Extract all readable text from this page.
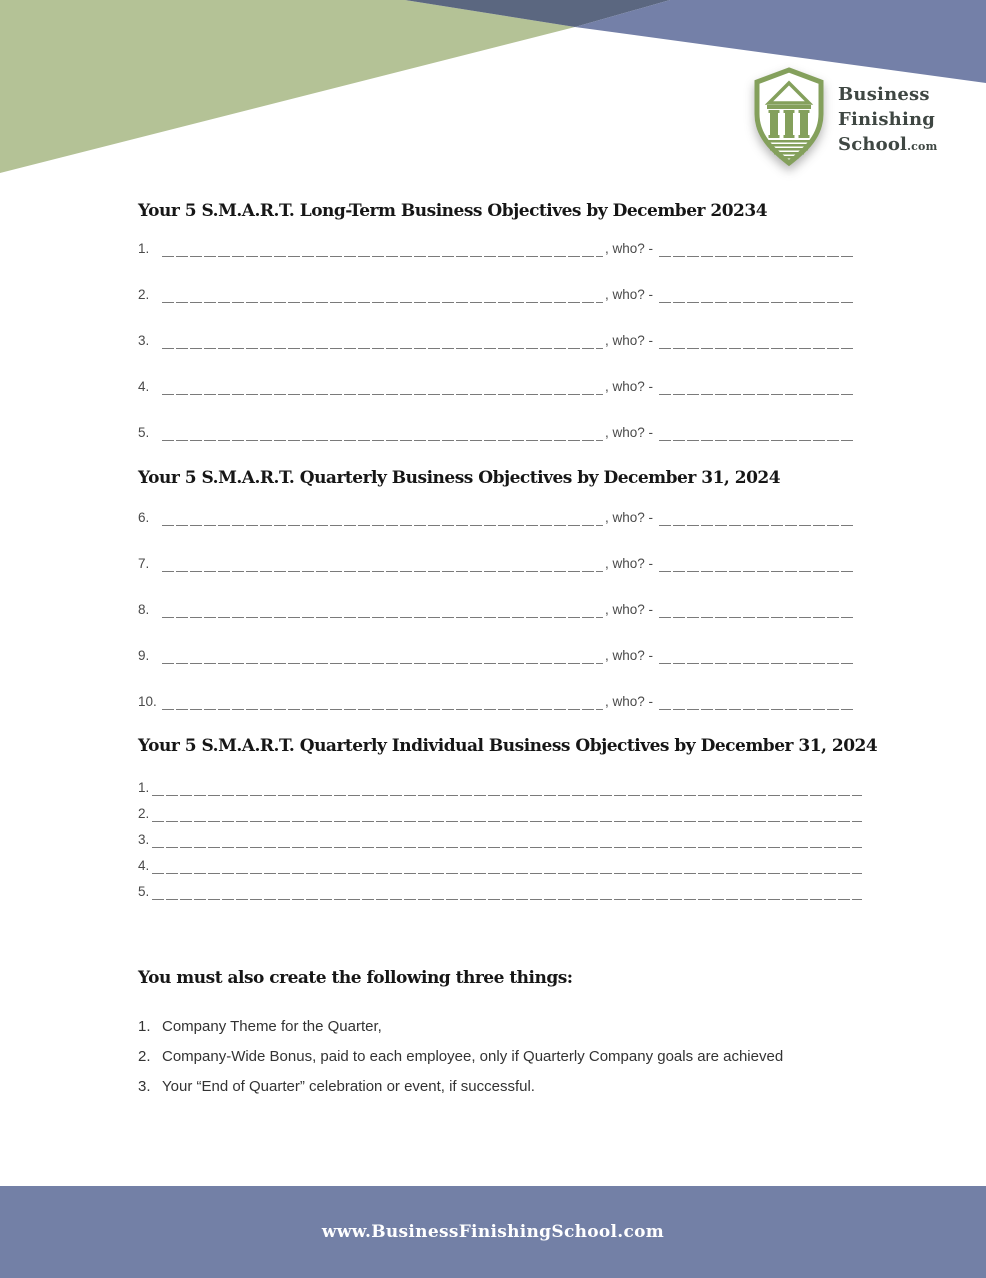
Business
Finishing
School.com
Your 5 S.M.A.R.T. Long-Term Business Objectives by December 20234
1.	, who? -
2.	, who? -
3.	, who? -
4.	, who? -
5.	, who? -
Your 5 S.M.A.R.T. Quarterly Business Objectives by December 31, 2024
6.	, who? -
7.	, who? -
8.	, who? -
9.	, who? -
10.	, who? -
Your 5 S.M.A.R.T. Quarterly Individual Business Objectives by December 31, 2024
1.
2.
3.
4.
5.
You must also create the following three things:
1. Company Theme for the Quarter,
2. Company-Wide Bonus, paid to each employee, only if Quarterly Company goals are achieved
3. Your “End of Quarter” celebration or event, if successful.
www.BusinessFinishingSchool.com
